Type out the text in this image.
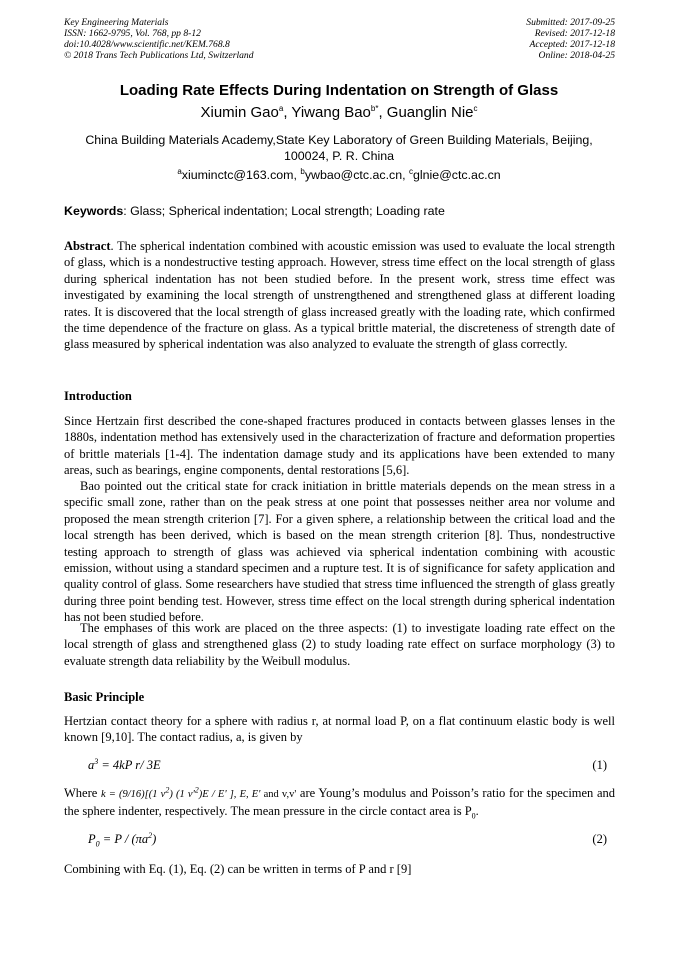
Key Engineering Materials
ISSN: 1662-9795, Vol. 768, pp 8-12
doi:10.4028/www.scientific.net/KEM.768.8
© 2018 Trans Tech Publications Ltd, Switzerland
Submitted: 2017-09-25
Revised: 2017-12-18
Accepted: 2017-12-18
Online: 2018-04-25
Loading Rate Effects During Indentation on Strength of Glass
Xiumin Gao$^a$, Yiwang Bao$^{b*}$, Guanglin Nie$^c$
China Building Materials Academy,State Key Laboratory of Green Building Materials, Beijing, 100024, P. R. China
$^a$xiuminctc@163.com, $^b$ywbao@ctc.ac.cn, $^c$glnie@ctc.ac.cn
Keywords: Glass; Spherical indentation; Local strength; Loading rate

Abstract. The spherical indentation combined with acoustic emission was used to evaluate the local strength of glass, which is a nondestructive testing approach. However, stress time effect on the local strength of glass during spherical indentation has not been studied before. In the present work, stress time effect was investigated by examining the local strength of unstrengthened and strengthened glass at different loading rates. It is discovered that the local strength of glass increased greatly with the loading rate, which confirmed the time dependence of the fracture on glass. As a typical brittle material, the discreteness of strength date of glass measured by spherical indentation was also analyzed to evaluate the strength of glass correctly.

Introduction

Since Hertzain first described the cone-shaped fractures produced in contacts between glasses lenses in the 1880s, indentation method has extensively used in the characterization of fracture and deformation properties of brittle materials [1-4]. The indentation damage study and its applications have been extended to many areas, such as bearings, engine components, dental restorations [5,6].

Bao pointed out the critical state for crack initiation in brittle materials depends on the mean stress in a specific small zone, rather than on the peak stress at one point that possesses neither area nor volume and proposed the mean strength criterion [7]. For a given sphere, a relationship between the critical load and the local strength has been derived, which is based on the mean strength criterion [8]. Thus, nondestructive testing approach to strength of glass was achieved via spherical indentation combining with acoustic emission, without using a standard specimen and a rupture test. It is of significance for safety application and quality control of glass. Some researchers have studied that stress time influenced the strength of glass greatly during three point bending test. However, stress time effect on the local strength during spherical indentation has not been studied before.

The emphases of this work are placed on the three aspects: (1) to investigate loading rate effect on the local strength of glass and strengthened glass (2) to study loading rate effect on surface morphology (3) to evaluate strength data reliability by the Weibull modulus.

Basic Principle

Hertzian contact theory for a sphere with radius r, at normal load P, on a flat continuum elastic body is well known [9,10]. The contact radius, a, is given by

$a^3 = 4kP$ r/ 3E	(1)

Where k = (9/16)[(1 $v^2$) (1 $v'^2)E$ / E' ], E, E' and v,v' are Young’s modulus and Poisson’s ratio for the specimen and the sphere indenter, respectively. The mean pressure in the circle contact area is $P_0$.

$P_0 = P / (\pi a^2)$	(2)

Combining with Eq. (1), Eq. (2) can be written in terms of P and r [9]
